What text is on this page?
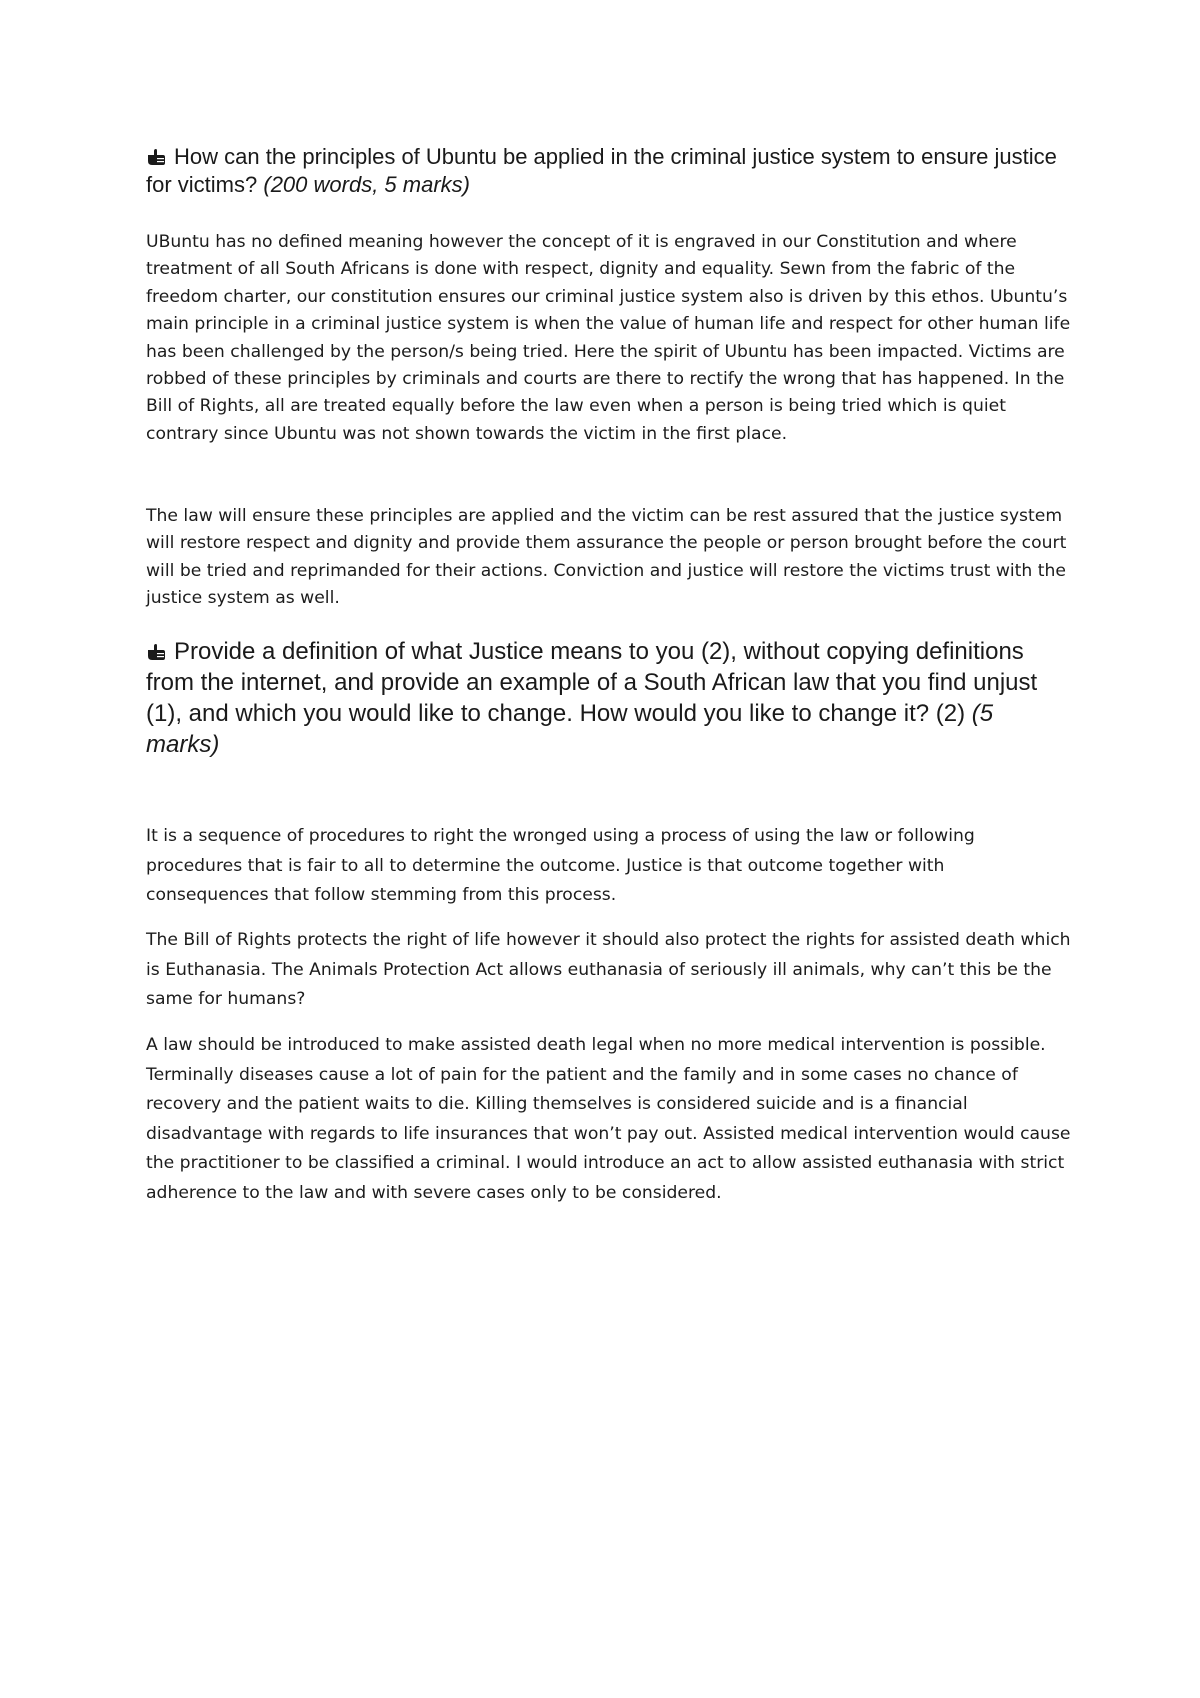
How can the principles of Ubuntu be applied in the criminal justice system to ensure justice for victims? (200 words, 5 marks)

UBuntu has no defined meaning however the concept of it is engraved in our Constitution and where treatment of all South Africans is done with respect, dignity and equality. Sewn from the fabric of the freedom charter, our constitution ensures our criminal justice system also is driven by this ethos. Ubuntu’s main principle in a criminal justice system is when the value of human life and respect for other human life has been challenged by the person/s being tried. Here the spirit of Ubuntu has been impacted. Victims are robbed of these principles by criminals and courts are there to rectify the wrong that has happened. In the Bill of Rights, all are treated equally before the law even when a person is being tried which is quiet contrary since Ubuntu was not shown towards the victim in the first place.

The law will ensure these principles are applied and the victim can be rest assured that the justice system will restore respect and dignity and provide them assurance the people or person brought before the court will be tried and reprimanded for their actions. Conviction and justice will restore the victims trust with the justice system as well.

Provide a definition of what Justice means to you (2), without copying definitions from the internet, and provide an example of a South African law that you find unjust (1), and which you would like to change. How would you like to change it? (2) (5 marks)

It is a sequence of procedures to right the wronged using a process of using the law or following procedures that is fair to all to determine the outcome. Justice is that outcome together with consequences that follow stemming from this process.

The Bill of Rights protects the right of life however it should also protect the rights for assisted death which is Euthanasia. The Animals Protection Act allows euthanasia of seriously ill animals, why can’t this be the same for humans?

A law should be introduced to make assisted death legal when no more medical intervention is possible. Terminally diseases cause a lot of pain for the patient and the family and in some cases no chance of recovery and the patient waits to die. Killing themselves is considered suicide and is a financial disadvantage with regards to life insurances that won’t pay out. Assisted medical intervention would cause the practitioner to be classified a criminal. I would introduce an act to allow assisted euthanasia with strict adherence to the law and with severe cases only to be considered.
